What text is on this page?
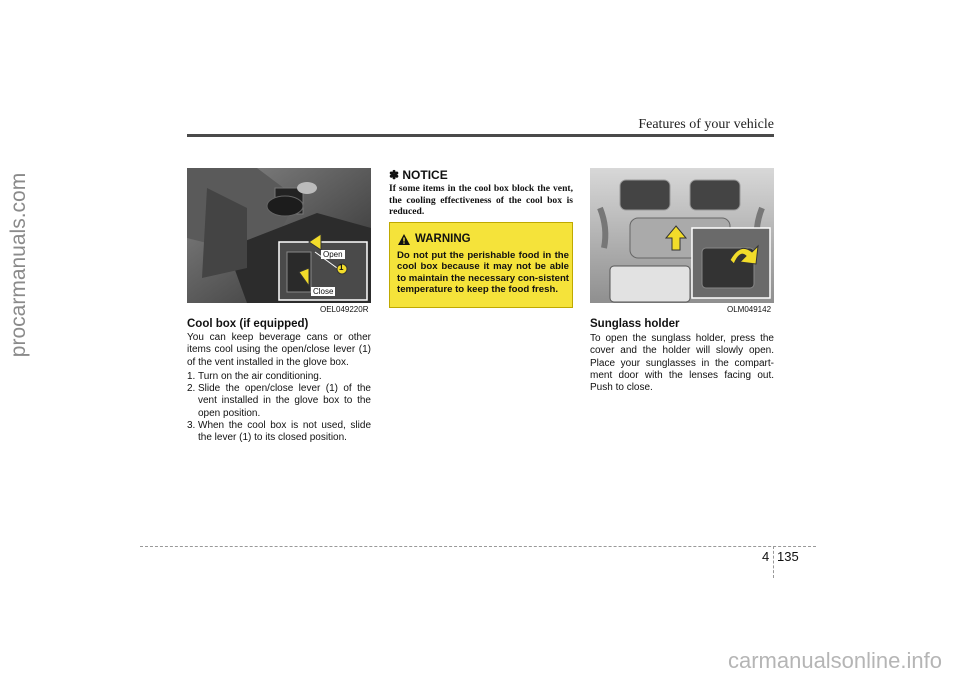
procarmanuals.com
Features of your vehicle
Open
1
Close
OEL049220R
Cool box (if equipped)

You can keep beverage cans or other items cool using the open/close lever (1) of the vent installed in the glove box.

1. Turn on the air conditioning.
2. Slide the open/close lever (1) of the vent installed in the glove box to the open position.
3. When the cool box is not used, slide the lever (1) to its closed position.
✽ NOTICE

If some items in the cool box block the vent, the cooling effectiveness of the cool box is reduced.

WARNING

Do not put the perishable food in the cool box because it may not be able to maintain the necessary con-sistent temperature to keep the food fresh.

OLM049142
Sunglass holder

To open the sunglass holder, press the cover and the holder will slowly open. Place your sunglasses in the compart-ment door with the lenses facing out. Push to close.

4 135
carmanualsonline.info
